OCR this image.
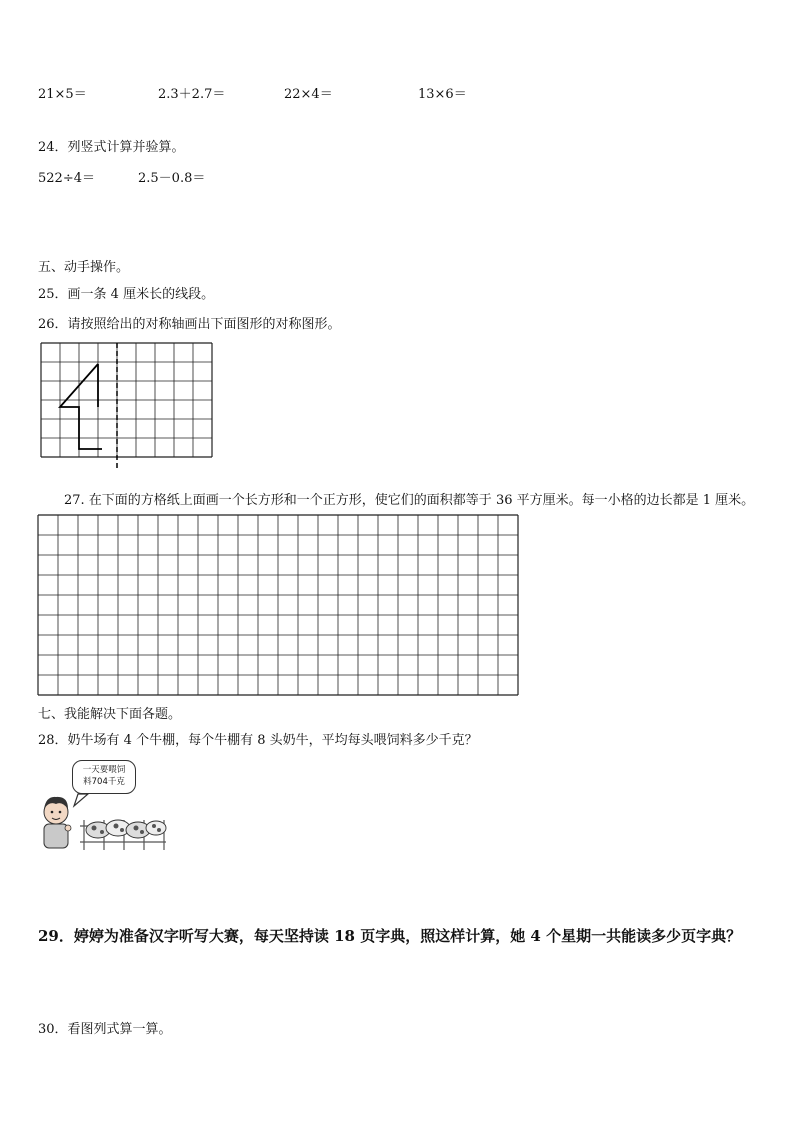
21×5＝	2.3＋2.7＝	22×4＝	13×6＝
24．列竖式计算并验算。
522÷4＝	2.5－0.8＝
五、动手操作。
25．画一条 4 厘米长的线段。
26．请按照给出的对称轴画出下面图形的对称图形。
27. 在下面的方格纸上面画一个长方形和一个正方形，使它们的面积都等于 36 平方厘米。每一小格的边长都是 1 厘米。
七、我能解决下面各题。
28．奶牛场有 4 个牛棚，每个牛棚有 8 头奶牛，平均每头喂饲料多少千克？
一天要喂饲
料704千克
29．婷婷为准备汉字听写大赛，每天坚持读 18 页字典，照这样计算，她 4 个星期一共能读多少页字典？
30．看图列式算一算。
